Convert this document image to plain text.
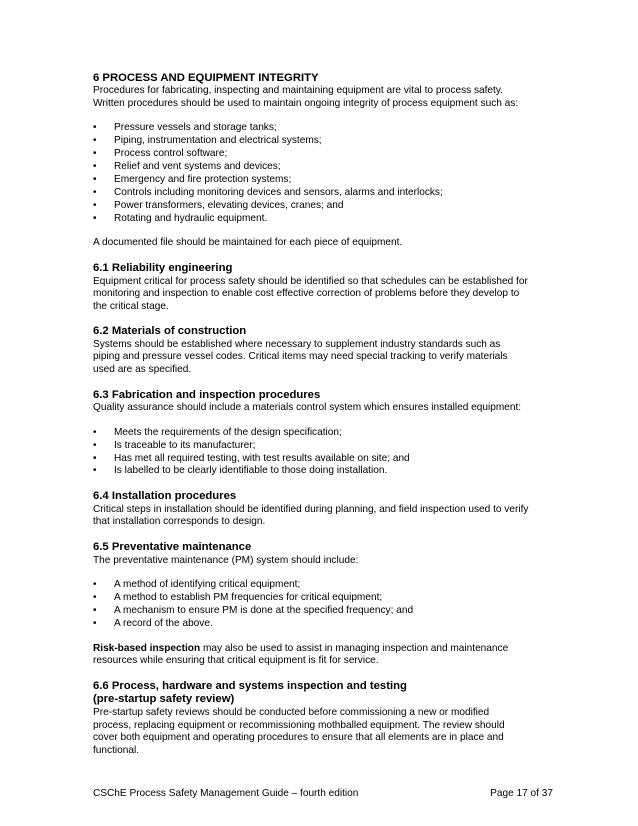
6 PROCESS AND EQUIPMENT INTEGRITY

Procedures for fabricating, inspecting and maintaining equipment are vital to process safety.

Written procedures should be used to maintain ongoing integrity of process equipment such as:

• Pressure vessels and storage tanks;
• Piping, instrumentation and electrical systems;
• Process control software;
• Relief and vent systems and devices;
• Emergency and fire protection systems;
• Controls including monitoring devices and sensors, alarms and interlocks;
• Power transformers, elevating devices, cranes; and
• Rotating and hydraulic equipment.

A documented file should be maintained for each piece of equipment.

6.1 Reliability engineering

Equipment critical for process safety should be identified so that schedules can be established for

monitoring and inspection to enable cost effective correction of problems before they develop to

the critical stage.

6.2 Materials of construction

Systems should be established where necessary to supplement industry standards such as

piping and pressure vessel codes. Critical items may need special tracking to verify materials

used are as specified.

6.3 Fabrication and inspection procedures

Quality assurance should include a materials control system which ensures installed equipment:

• Meets the requirements of the design specification;
• Is traceable to its manufacturer;
• Has met all required testing, with test results available on site; and
• Is labelled to be clearly identifiable to those doing installation.

6.4 Installation procedures

Critical steps in installation should be identified during planning, and field inspection used to verify

that installation corresponds to design.

6.5 Preventative maintenance

The preventative maintenance (PM) system should include:

• A method of identifying critical equipment;
• A method to establish PM frequencies for critical equipment;
• A mechanism to ensure PM is done at the specified frequency; and
• A record of the above.

Risk-based inspection may also be used to assist in managing inspection and maintenance

resources while ensuring that critical equipment is fit for service.

6.6 Process, hardware and systems inspection and testing

(pre-startup safety review)

Pre-startup safety reviews should be conducted before commissioning a new or modified

process, replacing equipment or recommissioning mothballed equipment. The review should

cover both equipment and operating procedures to ensure that all elements are in place and

functional.

CSChE Process Safety Management Guide – fourth edition	Page 17 of 37
